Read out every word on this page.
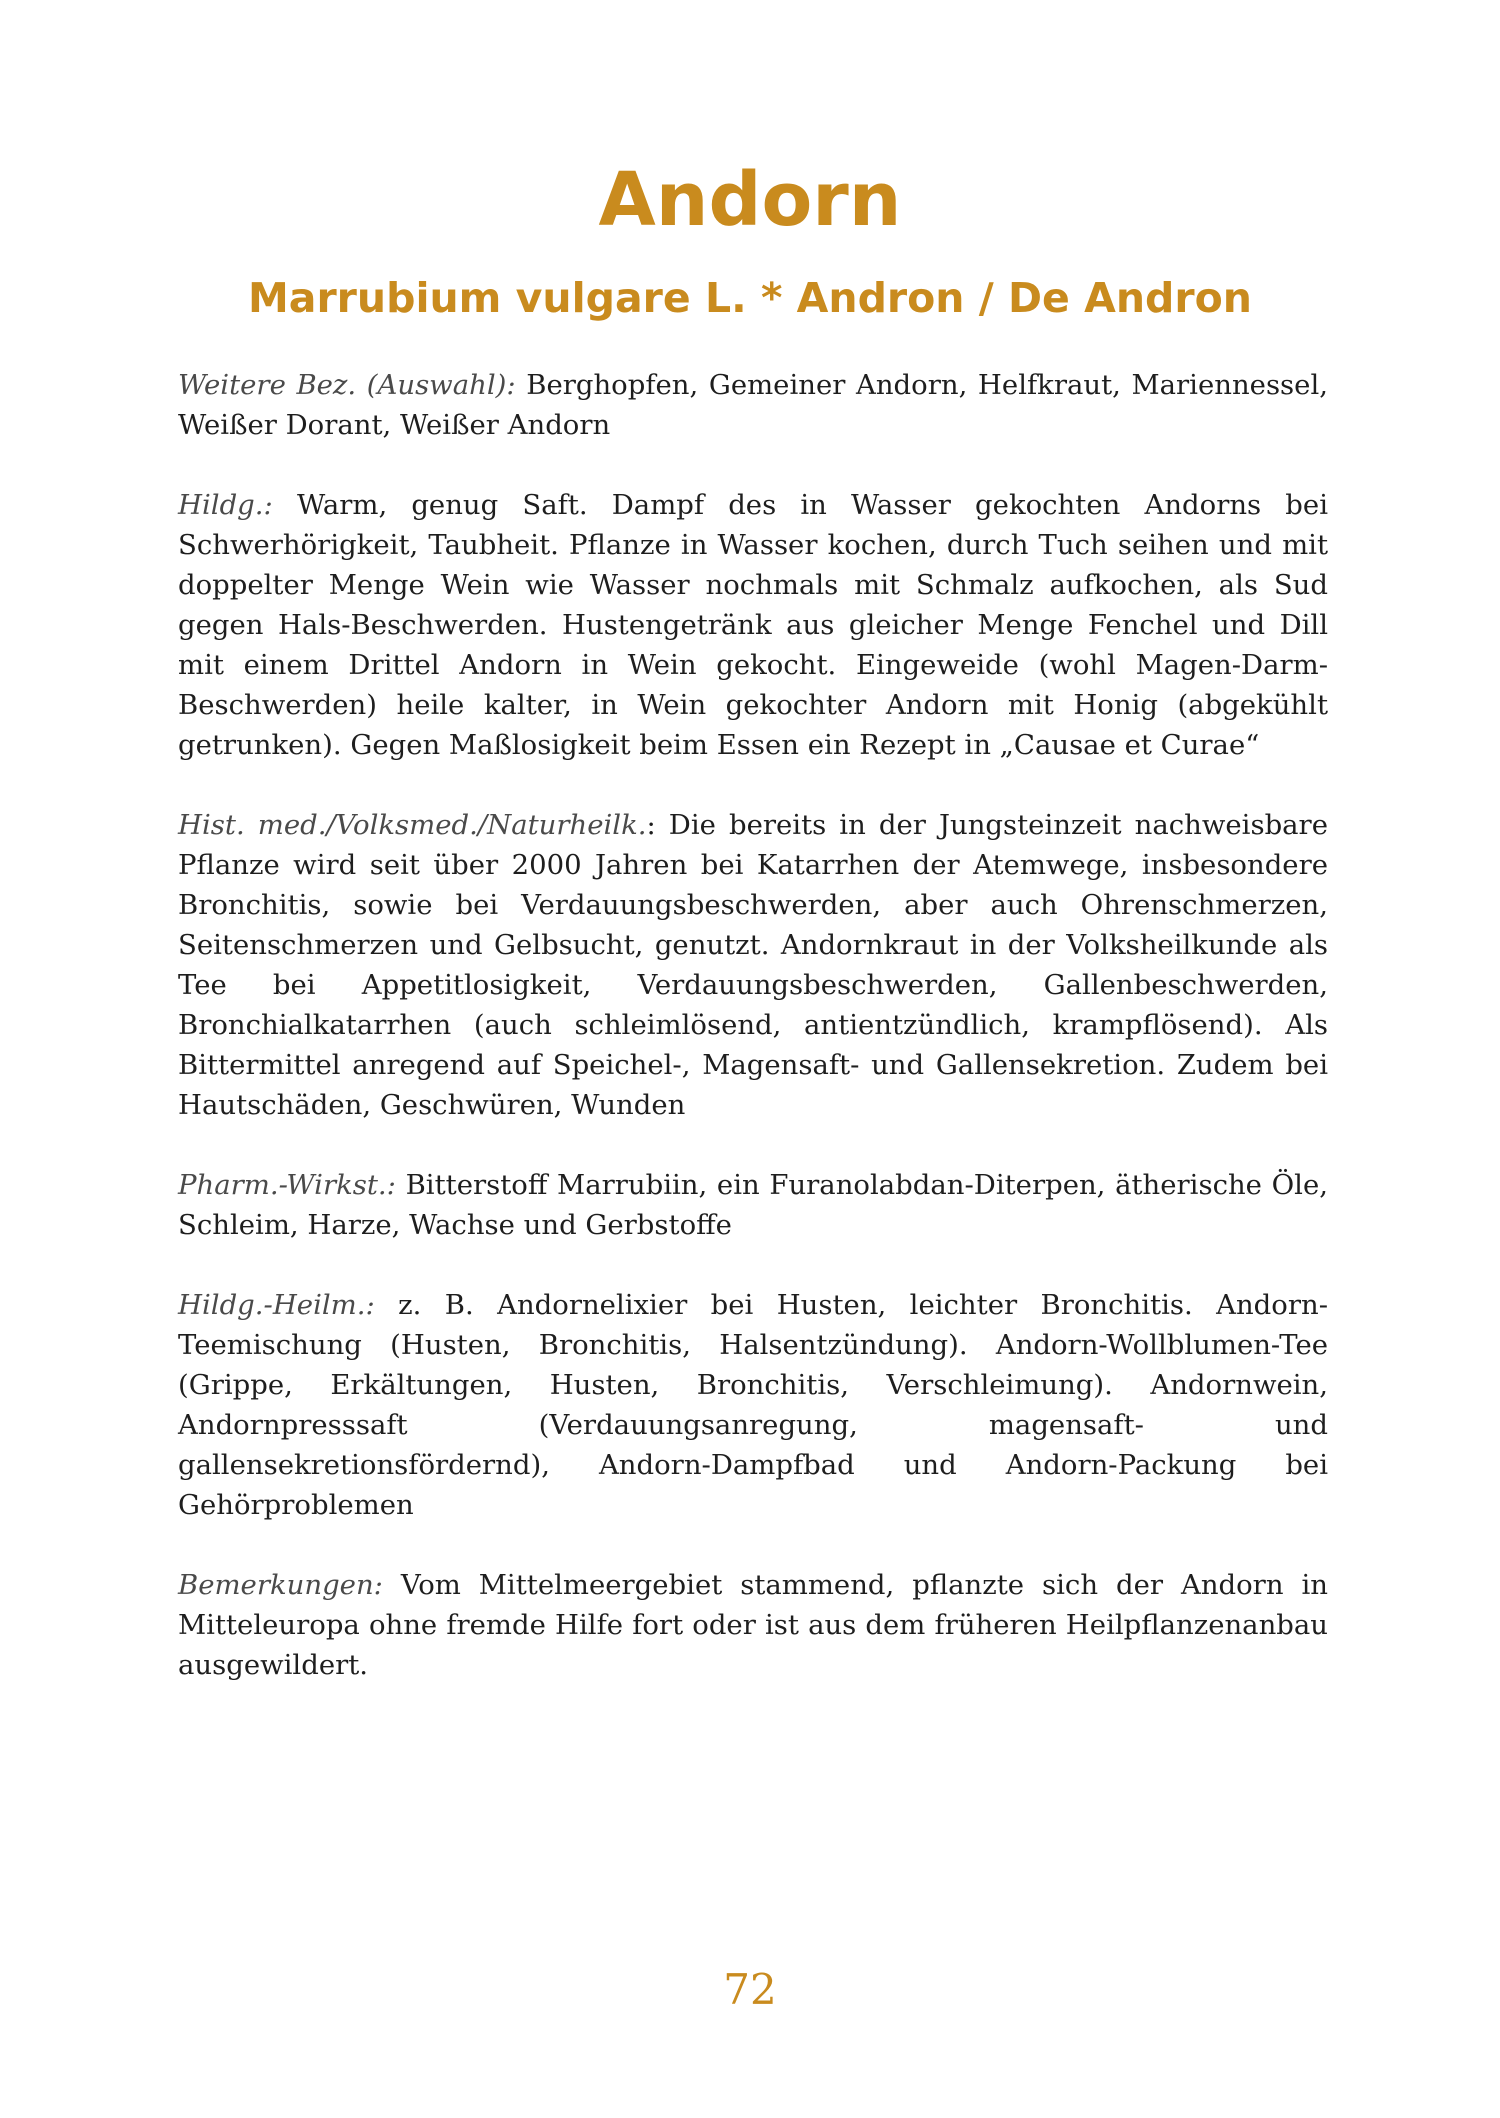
Andorn
Marrubium vulgare L. * Andron / De Andron

Weitere Bez. (Auswahl): Berghopfen, Gemeiner Andorn, Helfkraut, Mariennessel, Weißer Dorant, Weißer Andorn

Hildg.: Warm, genug Saft. Dampf des in Wasser gekochten Andorns bei Schwerhörigkeit, Taubheit. Pflanze in Wasser kochen, durch Tuch seihen und mit doppelter Menge Wein wie Wasser nochmals mit Schmalz aufkochen, als Sud gegen Hals-Beschwerden. Hustengetränk aus gleicher Menge Fenchel und Dill mit einem Drittel Andorn in Wein gekocht. Eingeweide (wohl Magen-Darm-Beschwerden) heile kalter, in Wein gekochter Andorn mit Honig (abgekühlt getrunken). Gegen Maßlosigkeit beim Essen ein Rezept in „Causae et Curae“

Hist. med./Volksmed./Naturheilk.: Die bereits in der Jungsteinzeit nachweisbare Pflanze wird seit über 2000 Jahren bei Katarrhen der Atemwege, insbesondere Bronchitis, sowie bei Verdauungsbeschwerden, aber auch Ohrenschmerzen, Seitenschmerzen und Gelbsucht, genutzt. Andornkraut in der Volksheilkunde als Tee bei Appetitlosigkeit, Verdauungsbeschwerden, Gallenbeschwerden, Bronchialkatarrhen (auch schleimlösend, antientzündlich, krampflösend). Als Bittermittel anregend auf Speichel-, Magensaft- und Gallensekretion. Zudem bei Hautschäden, Geschwüren, Wunden

Pharm.-Wirkst.: Bitterstoff Marrubiin, ein Furanolabdan-Diterpen, ätherische Öle, Schleim, Harze, Wachse und Gerbstoffe

Hildg.-Heilm.: z. B. Andornelixier bei Husten, leichter Bronchitis. Andorn-Teemischung (Husten, Bronchitis, Halsentzündung). Andorn-Wollblumen-Tee (Grippe, Erkältungen, Husten, Bronchitis, Verschleimung). Andornwein, Andornpresssaft (Verdauungsanregung, magensaft- und gallensekretionsfördernd), Andorn-Dampfbad und Andorn-Packung bei Gehörproblemen

Bemerkungen: Vom Mittelmeergebiet stammend, pflanzte sich der Andorn in Mitteleuropa ohne fremde Hilfe fort oder ist aus dem früheren Heilpflanzenanbau ausgewildert.

72
